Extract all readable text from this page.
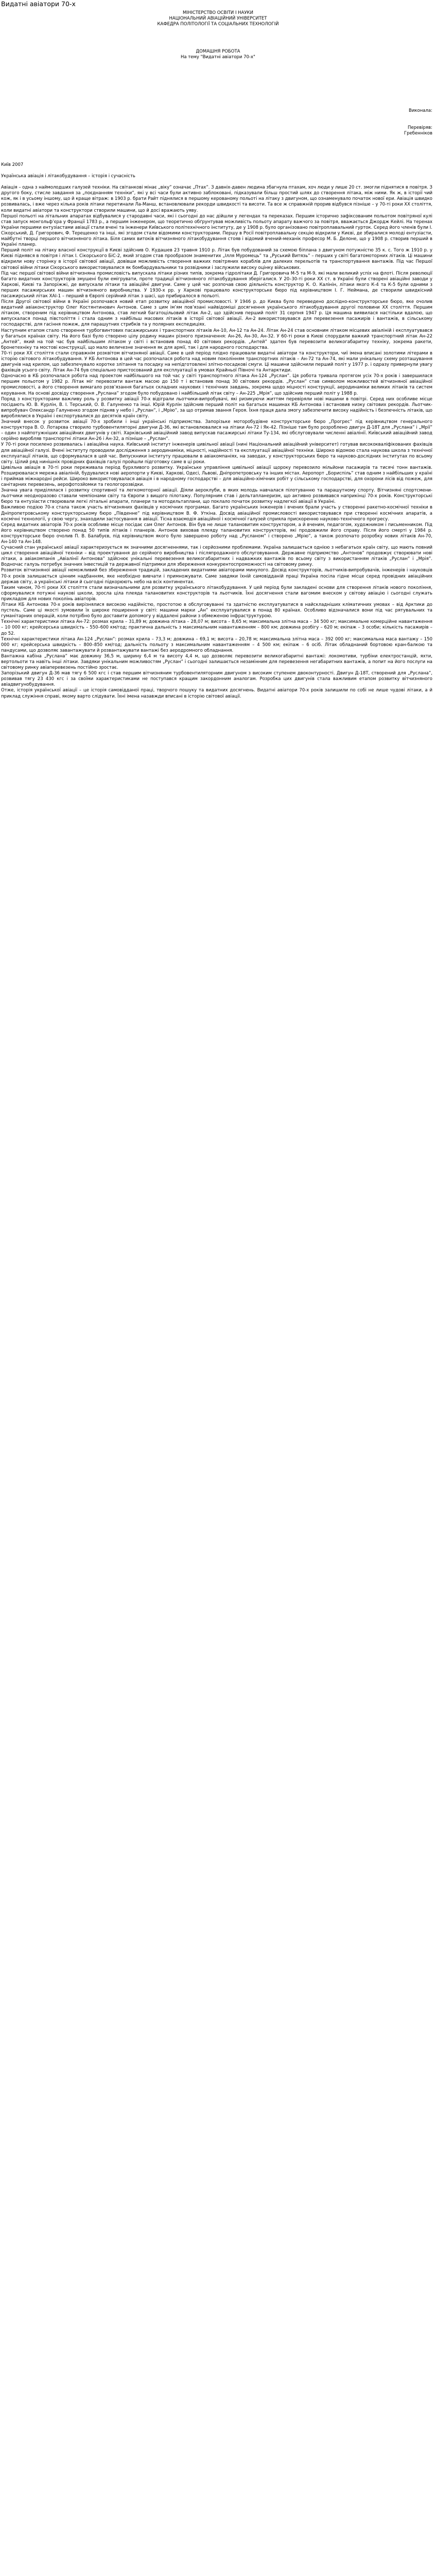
Видатні авіатори 70-х
МІНІСТЕРСТВО ОСВІТИ І НАУКИ
НАЦІОНАЛЬНИЙ АВІАЦІЙНИЙ УНІВЕРСИТЕТ
КАФЕДРА ПОЛІТОЛОГІЇ ТА СОЦІАЛЬНИХ ТЕХНОЛОГІЙ
ДОМАШНЯ РОБОТА
На тему "Видатні авіатори 70-х"
Виконала:
Перевіряв:
Гребенніков
Київ 2007
Українська авіація і літакобудування – історія і сучасність

Авіація – одна з наймолодших галузей техніки. На світанкові мінає „віку” означає „Птах”. З давніх-давен людина збагнула птахам, хоч люди у лише 20 ст. змогли піднятися в повітря. З другого боку, стисле завдання за „поєднанням техніки”, які у всі часи були активно заблоковані, підказували більш простий шлях до створення літака, між ними. Як ж, в історії чий кож, як і в усьому іншому, що й краще вітраж: в 1903 р. брати Райт піднялися в першому керованому польоті на літаку з двигуном, що ознаменувало початок нової ери. Авіація швидко розвивалась, і вже через кілька років літаки перетинали Ла-Манш, встановлювали рекорди швидкості та висоти. Та все ж справжній прорив відбувся пізніше – у 70-ті роки XX століття, коли видатні авіатори та конструктори створили машини, що й досі вражають уяву.

Першої польоті на літальних апаратах відбувалися у стародавні часи, які і сьогодні до нас дійшли у легендах та переказах. Першим історично зафіксованим польотом повітряної кулі став запуск монгольф’єра у Франції 1783 р., а першим інженером, що теоретично обґрунтував можливість польоту апарату важчого за повітря, вважається Джордж Кейлі. На теренах України першими ентузіастами авіації стали вчені та інженери Київського політехнічного інституту, де у 1908 р. було організовано повітроплавальний гурток. Серед його членів були І. Сікорський, Д. Григорович, Ф. Терещенко та інші, які згодом стали відомими конструкторами. Першу в Росії повітроплавальну секцію відкрили у Києві, де збиралися молоді ентузіасти, майбутні творці першого вітчизняного літака. Біля самих витоків вітчизняного літакобудування стояв і відомий вчений-механік професор М. Б. Делоне, що у 1908 р. створив перший в Україні планер.

Перший політ на літаку власної конструкції в Києві здійснив О. Кудашев 23 травня 1910 р. Літак був побудований за схемою біплана з двигуном потужністю 35 к. с. Того ж 1910 р. у Києві піднявся в повітря і літак І. Сікорського БіС-2, який згодом став прообразом знаменитих „Ілля Муромець” та „Руський Витязь” – перших у світі багатомоторних літаків. Ці машини відкрили нову сторінку в історії світової авіації, довівши можливість створення важких повітряних кораблів для далеких перельотів та транспортування вантажів. Під час Першої світової війни літаки Сікорського використовувалися як бомбардувальники та розвідники і заслужили високу оцінку військових.

Під час першої світової війни вітчизняна промисловість випускала літаки різних типів, зокрема гідролітаки Д. Григоровича М-5 та М-9, які мали великий успіх на флоті. Після революції багато видатних конструкторів змушені були емігрувати, проте традиції вітчизняного літакобудування зберігалися. У 20–30-ті роки XX ст. в Україні були створені авіаційні заводи у Харкові, Києві та Запоріжжі, де випускали літаки та авіаційні двигуни. Саме у цей час розпочав свою діяльність конструктор К. О. Калінін, літаки якого К-4 та К-5 були одними з перших пасажирських машин вітчизняного виробництва. У 1930-х рр. у Харкові працювало конструкторське бюро під керівництвом І. Г. Неймана, де створили швидкісний пасажирський літак ХАІ-1 – перший в Європі серійний літак з шасі, що прибиралося в польоті.

Після Другої світової війни в Україні розпочався новий етап розвитку авіаційної промисловості. У 1946 р. до Києва було переведено дослідно-конструкторське бюро, яке очолив видатний авіаконструктор Олег Костянтинович Антонов. Саме з цим ім’ям пов’язані найвідоміші досягнення українського літакобудування другої половини XX століття. Першим літаком, створеним під керівництвом Антонова, став легкий багатоцільовий літак Ан-2, що здійснив перший політ 31 серпня 1947 р. Ця машина виявилася настільки вдалою, що випускалася понад півстоліття і стала одним з найбільш масових літаків в історії світової авіації. Ан-2 використовувався для перевезення пасажирів і вантажів, в сільському господарстві, для гасіння пожеж, для парашутних стрибків та у полярних експедиціях.

Наступним етапом стало створення турбогвинтових пасажирських і транспортних літаків Ан-10, Ан-12 та Ан-24. Літак Ан-24 став основним літаком місцевих авіаліній і експлуатувався у багатьох країнах світу. На його базі було створено цілу родину машин різного призначення: Ан-26, Ан-30, Ан-32. У 60-ті роки в Києві спорудили важкий транспортний літак Ан-22 „Антей”, який на той час був найбільшим літаком у світі і встановив понад 40 світових рекордів. „Антей” здатен був перевозити великогабаритну техніку, зокрема ракети, бронетехніку та мостові конструкції, що мало величезне значення як для армії, так і для народного господарства.

70-ті роки XX століття стали справжнім розквітом вітчизняної авіації. Саме в цей період плідно працювали видатні авіатори та конструктори, чиї імена вписані золотими літерами в історію світового літакобудування. У КБ Антонова в цей час розпочалася робота над новим поколінням транспортних літаків – Ан-72 та Ан-74, які мали унікальну схему розташування двигунів над крилом, що забезпечувало коротке злітання та посадку на непідготовлені злітно-посадкові смуги. Ці машини здійснили перший політ у 1977 р. і одразу привернули увагу фахівців усього світу. Літак Ан-74 був спеціально пристосований для експлуатації в умовах Крайньої Півночі та Антарктиди.

Одночасно в КБ розпочалася робота над проектом найбільшого на той час у світі транспортного літака Ан-124 „Руслан”. Ця робота тривала протягом усіх 70-х років і завершилася першим польотом у 1982 р. Літак міг перевозити вантаж масою до 150 т і встановив понад 30 світових рекордів. „Руслан” став символом можливостей вітчизняної авіаційної промисловості, а його створення вимагало розв’язання багатьох складних наукових і технічних завдань, зокрема щодо міцності конструкції, аеродинаміки великих літаків та систем керування. На основі досвіду створення „Руслана” згодом було побудовано і найбільший літак світу – Ан-225 „Мрія”, що здійснив перший політ у 1988 р.

Поряд з конструкторами важливу роль у розвитку авіації 70-х відіграли льотчики-випробувачі, які ризикуючи життям перевіряли нові машини в повітрі. Серед них особливе місце посідають Ю. В. Курлін, В. І. Терський, О. В. Галуненко та інші. Юрій Курлін здійснив перший політ на багатьох машинах КБ Антонова і встановив низку світових рекордів. Льотчик-випробувач Олександр Галуненко згодом підняв у небо і „Руслан”, і „Мрію”, за що отримав звання Героя. Їхня праця дала змогу забезпечити високу надійність і безпечність літаків, що вироблялися в Україні і експортувалися до десятків країн світу.

Значний внесок у розвиток авіації 70-х зробили і інші українські підприємства. Запорізьке моторобудівне конструкторське бюро „Прогрес” під керівництвом генерального конструктора В. О. Лотарєва створило турбовентиляторні двигуни Д-36, які встановлювалися на літаки Ан-72 і Як-42. Пізніше там було розроблено двигун Д-18Т для „Руслана” і „Мрії” – один з найпотужніших авіаційних двигунів у світі. Харківський авіаційний завод випускав пасажирські літаки Ту-134, які обслуговували численні авіалінії. Київський авіаційний завод серійно виробляв транспортні літаки Ан-26 і Ан-32, а пізніше – „Руслан”.

У 70-ті роки посилено розвивалась і авіаційна наука. Київський інститут інженерів цивільної авіації (нині Національний авіаційний університет) готував висококваліфікованих фахівців для авіаційної галузі. Вчені інституту проводили дослідження з аеродинаміки, міцності, надійності та експлуатації авіаційної техніки. Широко відомою стала наукова школа з технічної експлуатації літаків, що сформувалася в цей час. Випускники інституту працювали в авіакомпаніях, на заводах, у конструкторських бюро та науково-дослідних інститутах по всьому світу. Цілий ряд нинішніх провідних фахівців галузі пройшли підготовку саме в ці роки.

Цивільна авіація в 70-ті роки переживала період бурхливого розвитку. Українське управління цивільної авіації щороку перевозило мільйони пасажирів та тисячі тонн вантажів. Розширювалася мережа авіаліній, будувалися нові аеропорти у Києві, Харкові, Одесі, Львові, Дніпропетровську та інших містах. Аеропорт „Бориспіль” став одним з найбільших у країні і приймав міжнародні рейси. Широко використовувалася авіація і в народному господарстві – для авіаційно-хімічних робіт у сільському господарстві, для охорони лісів від пожеж, для санітарних перевезень, аерофотозйомки та геологорозвідки.

Значна увага приділялася і розвитку спортивної та легкомоторної авіації. Діяли аероклуби, в яких молодь навчалася пілотуванню та парашутному спорту. Вітчизняні спортсмени-льотчики неодноразово ставали чемпіонами світу та Європи з вищого пілотажу. Популярним став і дельтапланеризм, що активно розвивався наприкінці 70-х років. Конструкторські бюро та ентузіасти створювали легкі літальні апарати, планери та мотодельтаплани, що поклало початок розвитку надлегкої авіації в Україні.

Важливою подією 70-х стала також участь вітчизняних фахівців у космічних програмах. Багато українських інженерів і вчених брали участь у створенні ракетно-космічної техніки в Дніпропетровському конструкторському бюро „Південне” під керівництвом В. Ф. Уткіна. Досвід авіаційної промисловості використовувався при створенні космічних апаратів, а космічні технології, у свою чергу, знаходили застосування в авіації. Тісна взаємодія авіаційної і космічної галузей сприяла прискоренню науково-технічного прогресу.

Серед видатних авіаторів 70-х років особливе місце посідає сам Олег Антонов. Він був не лише талановитим конструктором, а й вченим, педагогом, художником і письменником. Під його керівництвом створено понад 50 типів літаків і планерів. Антонов виховав плеяду талановитих конструкторів, які продовжили його справу. Після його смерті у 1984 р. конструкторське бюро очолив П. В. Балабуєв, під керівництвом якого було завершено роботу над „Русланом” і створено „Мрію”, а також розпочато розробку нових літаків Ан-70, Ан-140 та Ан-148.

Сучасний стан української авіації характеризується як значними досягненнями, так і серйозними проблемами. Україна залишається однією з небагатьох країн світу, що мають повний цикл створення авіаційної техніки – від проектування до серійного виробництва і післяпродажного обслуговування. Державне підприємство „Антонов” продовжує створювати нові літаки, а авіакомпанія „Авіалінії Антонова” здійснює унікальні перевезення великогабаритних і надважких вантажів по всьому світу з використанням літаків „Руслан” і „Мрія”. Водночас галузь потребує значних інвестицій та державної підтримки для збереження конкурентоспроможності на світовому ринку.

Розвиток вітчизняної авіації неможливий без збереження традицій, закладених видатними авіаторами минулого. Досвід конструкторів, льотчиків-випробувачів, інженерів і науковців 70-х років залишається цінним надбанням, яке необхідно вивчати і примножувати. Саме завдяки їхній самовідданій праці Україна посіла гідне місце серед провідних авіаційних держав світу, а українські літаки й сьогодні підкорюють небо на всіх континентах.

Таким чином, 70-ті роки XX століття стали визначальними для розвитку українського літакобудування. У цей період були закладені основи для створення літаків нового покоління, сформувалися потужні наукові школи, зросла ціла плеяда талановитих конструкторів та льотчиків. Їхні досягнення стали вагомим внеском у світову авіацію і сьогодні служать прикладом для нових поколінь авіаторів.

Літаки КБ Антонова 70-х років вирізнялися високою надійністю, простотою в обслуговуванні та здатністю експлуатуватися в найскладніших кліматичних умовах – від Арктики до пустель. Саме ці якості зумовили їх широке поширення у світі: машини марки „Ан” експлуатувалися в понад 80 країнах. Особливо відзначалися вони під час рятувальних та гуманітарних операцій, коли потрібно було доставити допомогу у віддалені райони з обмеженою інфраструктурою.

Технічні характеристики літака Ан-72: розмах крила – 31,89 м; довжина літака – 28,07 м; висота – 8,65 м; максимальна злітна маса – 34 500 кг; максимальне комерційне навантаження – 10 000 кг; крейсерська швидкість – 550–600 км/год; практична дальність з максимальним навантаженням – 800 км; довжина розбігу – 620 м; екіпаж – 3 особи; кількість пасажирів – до 52.

Технічні характеристики літака Ан-124 „Руслан”: розмах крила – 73,3 м; довжина – 69,1 м; висота – 20,78 м; максимальна злітна маса – 392 000 кг; максимальна маса вантажу – 150 000 кг; крейсерська швидкість – 800–850 км/год; дальність польоту з максимальним навантаженням – 4 500 км; екіпаж – 6 осіб. Літак обладнаний бортовою кран-балкою та пандусами, що дозволяє завантажувати й розвантажувати вантажі без аеродромного обладнання.

Вантажна кабіна „Руслана” має довжину 36,5 м, ширину 6,4 м та висоту 4,4 м, що дозволяє перевозити великогабаритні вантажі: локомотиви, турбіни електростанцій, яхти, вертольоти та навіть інші літаки. Завдяки унікальним можливостям „Руслан” і сьогодні залишається незамінним для перевезення негабаритних вантажів, а попит на його послуги на світовому ринку авіаперевезень постійно зростає.

Запорізький двигун Д-36 мав тягу 6 500 кгс і став першим вітчизняним турбовентиляторним двигуном з високим ступенем двоконтурності. Двигун Д-18Т, створений для „Руслана”, розвивав тягу 23 430 кгс і за своїми характеристиками не поступався кращим закордонним аналогам. Розробка цих двигунів стала важливим етапом розвитку вітчизняного авіадвигунобудування.

Отже, історія української авіації – це історія самовідданої праці, творчого пошуку та видатних досягнень. Видатні авіатори 70-х років залишили по собі не лише чудові літаки, а й приклад служіння справі, якому варто слідувати. Їхні імена назавжди вписані в історію світової авіації.
